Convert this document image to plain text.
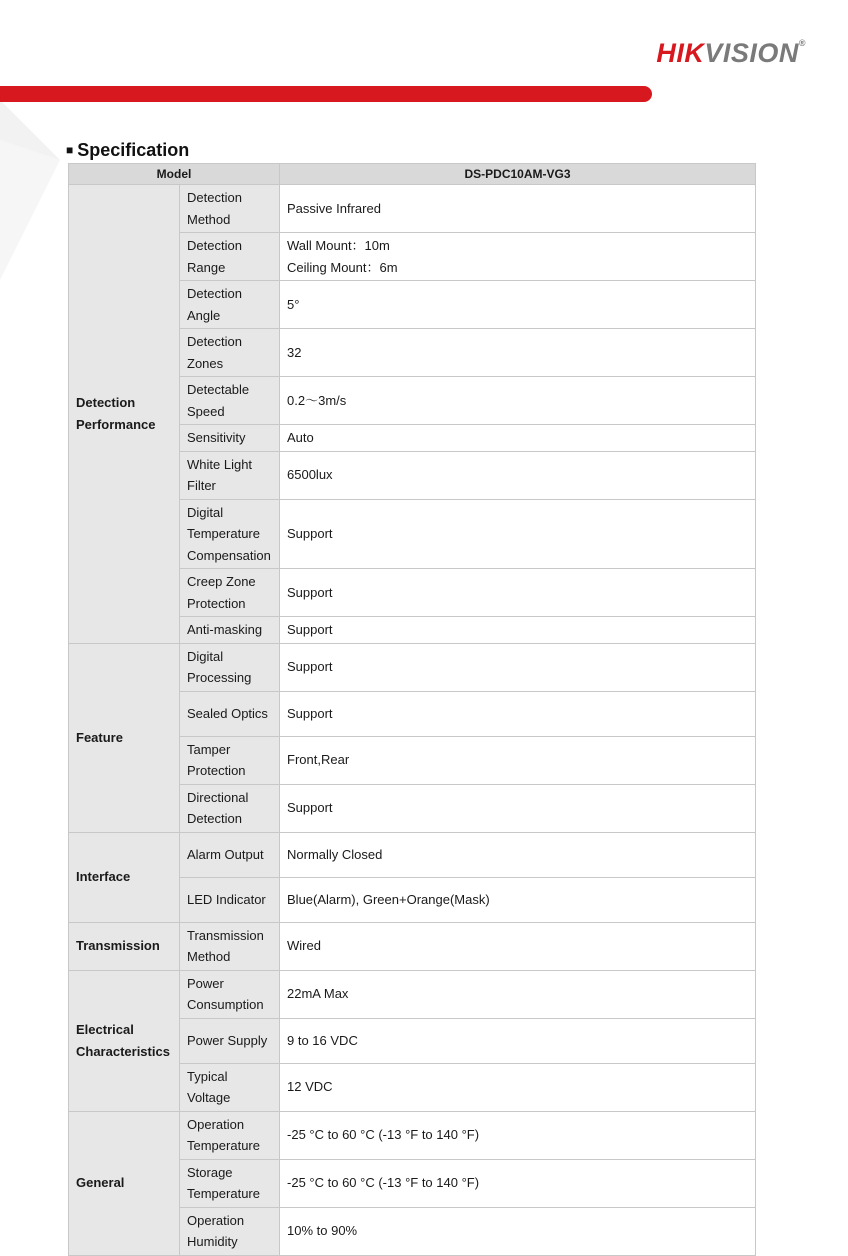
HIKVISION®
■ Specification
Model		DS-PDC10AM-VG3
Detection Performance	Detection Method	Passive Infrared

	Detection Range	Wall Mount：10m
Ceiling Mount：6m

	Detection Angle	5°

	Detection Zones	32

	Detectable Speed	0.2～3m/s

	Sensitivity	Auto

	White Light Filter	6500lux

	Digital Temperature Compensation	Support

	Creep Zone Protection	Support

	Anti-masking	Support

Feature	Digital Processing	Support

	Sealed Optics	Support

	Tamper Protection	Front,Rear

	Directional Detection	Support

Interface	Alarm Output	Normally Closed

	LED Indicator	Blue(Alarm), Green+Orange(Mask)

Transmission	Transmission Method	Wired

Electrical Characteristics	Power Consumption	22mA Max

	Power Supply	9 to 16 VDC

	Typical Voltage	12 VDC

General	Operation Temperature	-25 °C to 60 °C (-13 °F to 140 °F)

	Storage Temperature	-25 °C to 60 °C (-13 °F to 140 °F)

	Operation Humidity	10% to 90%
